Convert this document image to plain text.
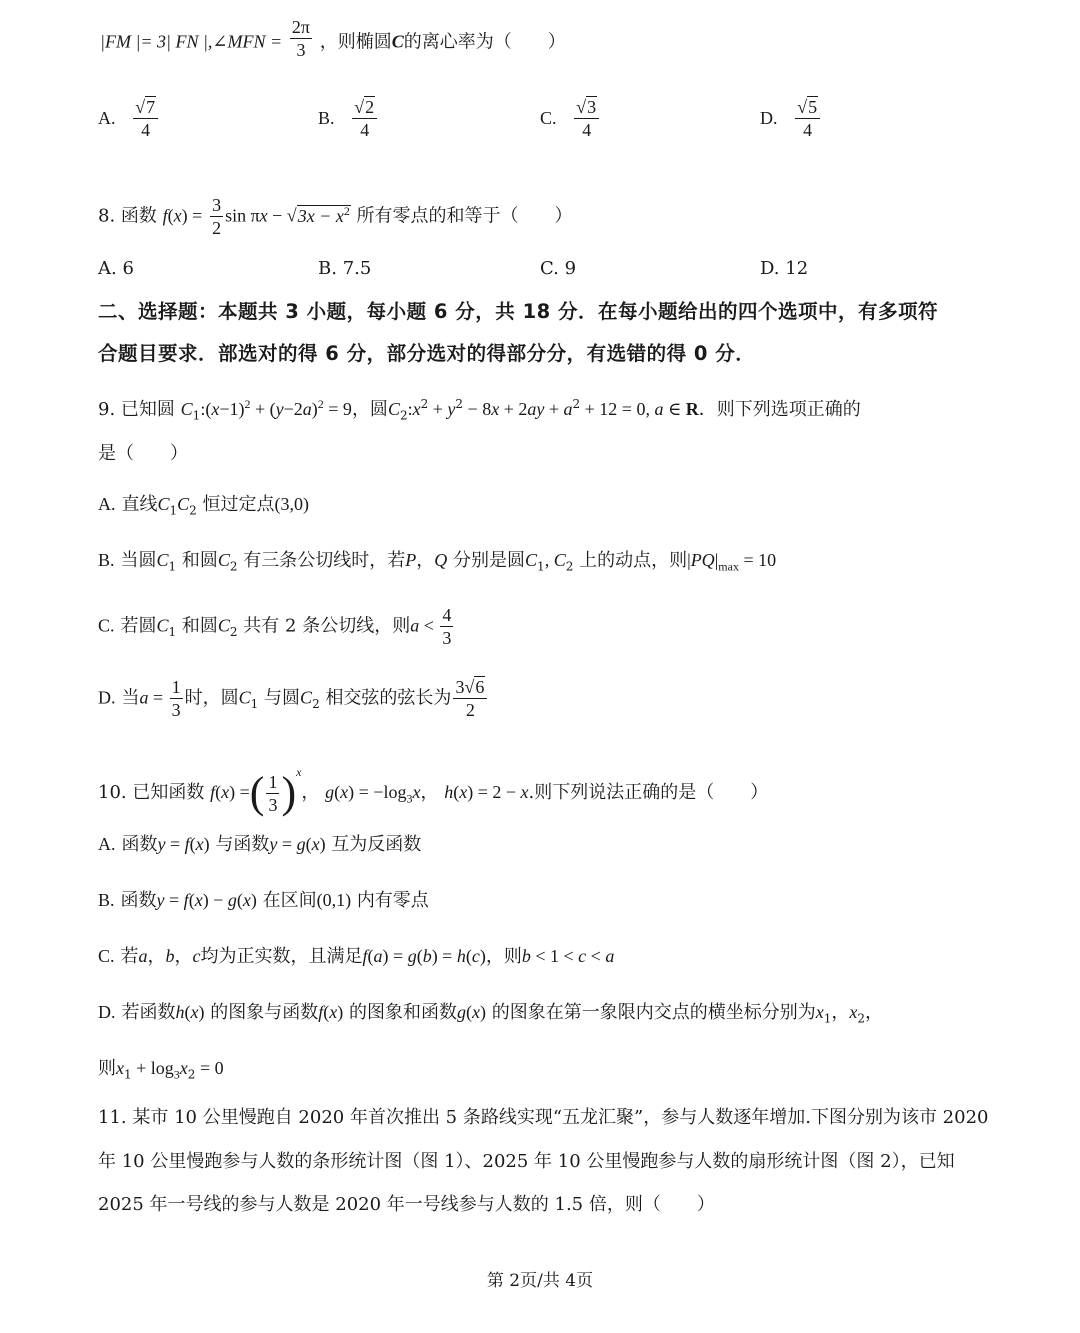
|FM |= 3| FN |,∠MFN = $\frac{2\pi}{3}$ ，则椭圆C的离心率为（　　）
A. $\frac{√7}{4}$	B. $\frac{√2}{4}$	C. $\frac{√3}{4}$	D. $\frac{√5}{4}$
8. 函数 $f(x) = \frac{3}{2}$ $\sin \pi x - √3x - x^2$ 所有零点的和等于（　　）
A. 6	B. 7.5	C. 9	D. 12
二、选择题：本题共 3 小题，每小题 6 分，共 18 分．在每小题给出的四个选项中，有多项符
合题目要求．部选对的得 6 分，部分选对的得部分分，有选错的得 0 分．
9. 已知圆 $C_1:(x-1)^2 + (y-2a)^2 = 9$，圆$C_2:x^2 + y^2 - 8x + 2ay + a^2 + 12 = 0$, a ∈ R．则下列选项正确的
是（　　）
A. 直线$C_1C_2$ 恒过定点(3,0)
B. 当圆$C_1$ 和圆$C_2$ 有三条公切线时，若P，Q 分别是圆$C_1$, $C_2$ 上的动点，则$|PQ|_{max} = 10$
C. 若圆$C_1$ 和圆$C_2$ 共有 2 条公切线，则$a < \frac{4}{3}$
D. 当$a = \frac{1}{3}$ 时，圆$C_1$ 与圆$C_2$ 相交弦的弦长为 $\frac{3√6}{2}$
10. 已知函数 f(x) =( $\frac{1}{3} )^x$， $g(x) = -\log_3x$， h(x) = 2 − x.则下列说法正确的是（　　）
A. 函数y = f(x) 与函数y = g(x) 互为反函数
B. 函数y = f(x) − g(x) 在区间(0,1) 内有零点
C. 若a，b，c均为正实数，且满足f(a) = g(b) = h(c)，则b < 1 < c < a
D. 若函数h(x) 的图象与函数f(x) 的图象和函数g(x) 的图象在第一象限内交点的横坐标分别为$x_1$，$x_2$，
则$x_1 + \log_3x_2 = 0$
11. 某市 10 公里慢跑自 2020 年首次推出 5 条路线实现“五龙汇聚”，参与人数逐年增加.下图分别为该市 2020
年 10 公里慢跑参与人数的条形统计图（图 1）、2025 年 10 公里慢跑参与人数的扇形统计图（图 2），已知
2025 年一号线的参与人数是 2020 年一号线参与人数的 1.5 倍，则（　　）
第 2页/共 4页
